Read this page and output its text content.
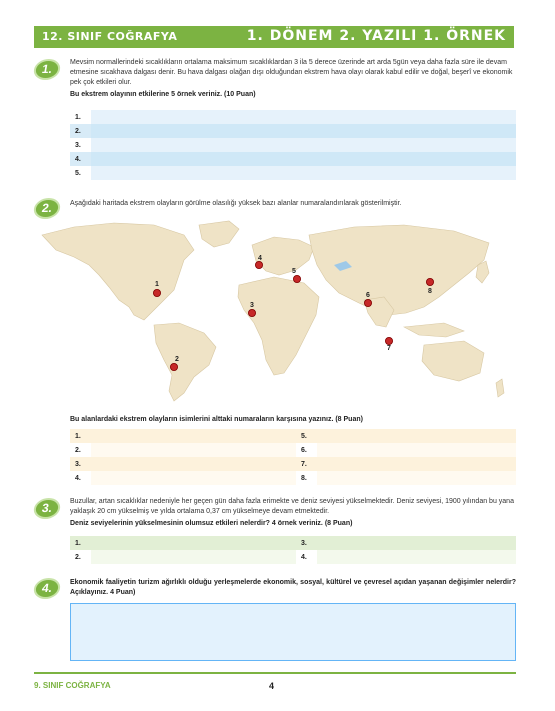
12. SINIF COĞRAFYA	1. DÖNEM 2. YAZILI 1. ÖRNEK
1.	Mevsim normallerindeki sıcaklıkların ortalama maksimum sıcaklıklardan 3 ila 5 derece üzerinde art arda 5gün veya daha fazla süre ile devam etmesine sıcakhava dalgası denir. Bu hava dalgası olağan dışı olduğundan ekstrem hava olayı olarak kabul edilir ve doğal, beşerî ve ekonomik pek çok etkileri olur.
Bu ekstrem olayının etkilerine 5 örnek veriniz. (10 Puan)
1.	
2.	
3.	
4.	
5.	
2.	Aşağıdaki haritada ekstrem olayların görülme olasılığı yüksek bazı alanlar numaralandırılarak gösterilmiştir.
1
2
3
4
5
6
7
8
Bu alanlardaki ekstrem olayların isimlerini alttaki numaraların karşısına yazınız. (8 Puan)
1.		5.	
2.		6.	
3.		7.	
4.		8.	
3.	Buzullar, artan sıcaklıklar nedeniyle her geçen gün daha fazla erimekte ve deniz seviyesi yükselmektedir. Deniz seviyesi, 1900 yılından bu yana yaklaşık 20 cm yükselmiş ve yılda ortalama 0,37 cm yükselmeye devam etmektedir.
Deniz seviyelerinin yükselmesinin olumsuz etkileri nelerdir? 4 örnek veriniz. (8 Puan)
1.		3.	
2.		4.	
4.	Ekonomik faaliyetin turizm ağırlıklı olduğu yerleşmelerde ekonomik, sosyal, kültürel ve çevresel açıdan yaşanan değişimler nelerdir? Açıklayınız. 4 Puan)
9. SINIF COĞRAFYA	4
